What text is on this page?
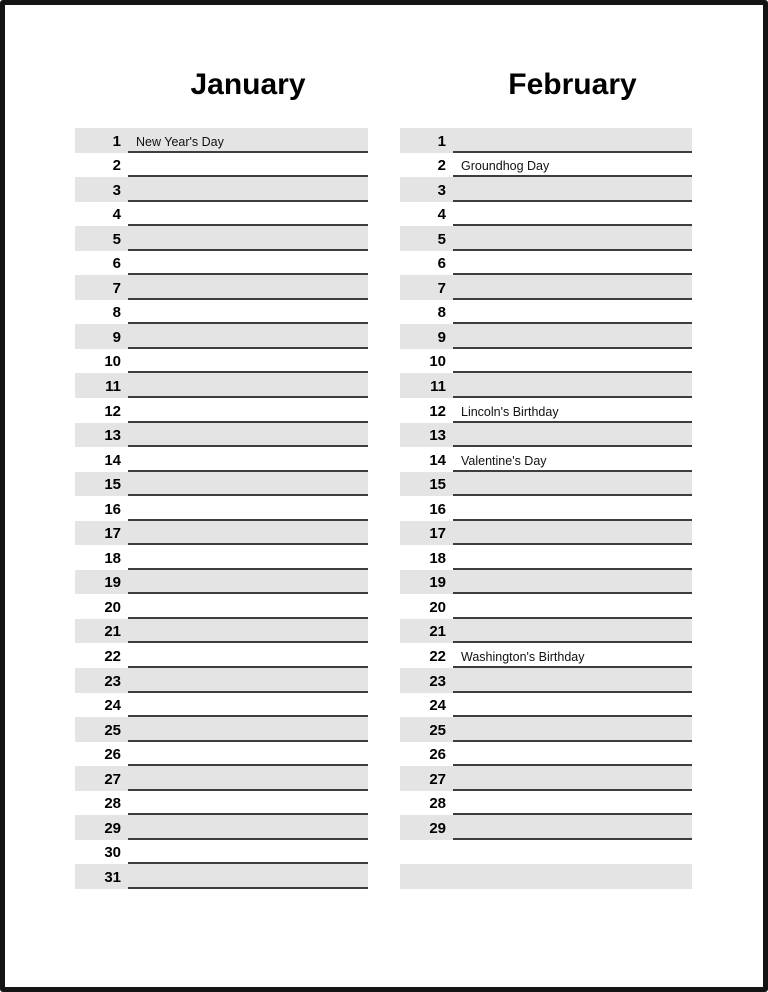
January
1	New Year's Day
2
3
4
5
6
7
8
9
10
11
12
13
14
15
16
17
18
19
20
21
22
23
24
25
26
27
28
29
30
31
February
1
2	Groundhog Day
3
4
5
6
7
8
9
10
11
12	Lincoln's Birthday
13
14	Valentine's Day
15
16
17
18
19
20
21
22	Washington's Birthday
23
24
25
26
27
28
29
